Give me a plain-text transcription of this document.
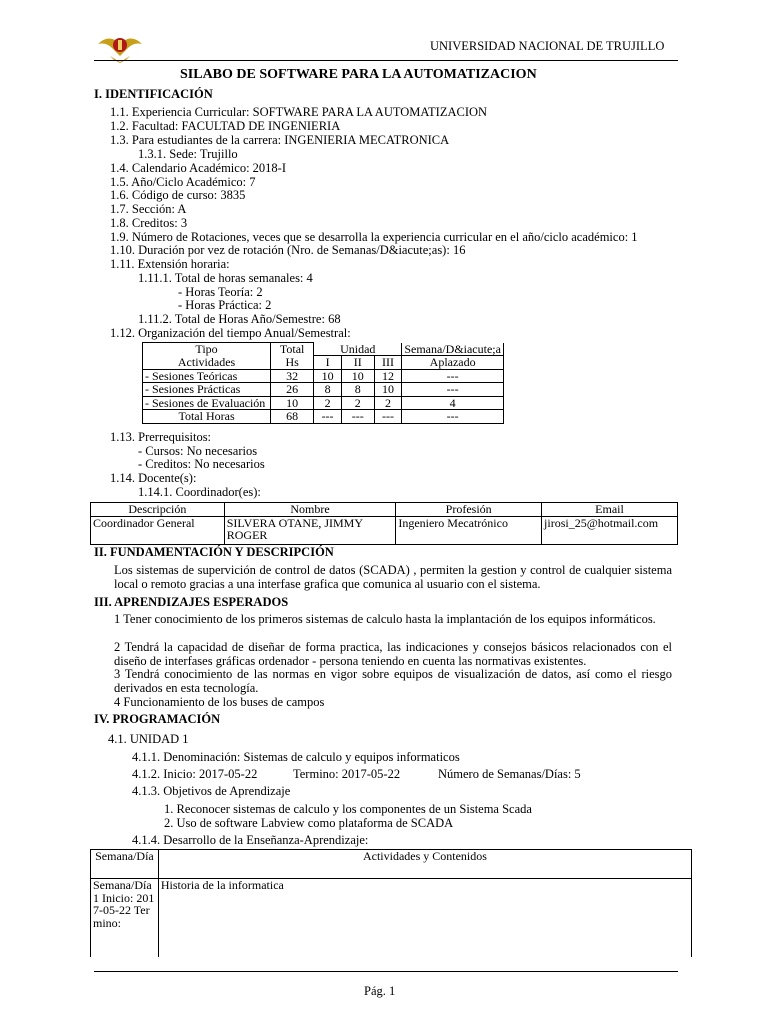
UNIVERSIDAD NACIONAL DE TRUJILLO
SILABO DE SOFTWARE PARA LA AUTOMATIZACION
I. IDENTIFICACIÓN
1.1. Experiencia Curricular: SOFTWARE PARA LA AUTOMATIZACION
1.2. Facultad: FACULTAD DE INGENIERIA
1.3. Para estudiantes de la carrera: INGENIERIA MECATRONICA
1.3.1. Sede: Trujillo
1.4. Calendario Académico: 2018-I
1.5. Año/Ciclo Académico: 7
1.6. Código de curso: 3835
1.7. Sección: A
1.8. Creditos: 3
1.9. Número de Rotaciones, veces que se desarrolla la experiencia curricular en el año/ciclo académico: 1
1.10. Duración por vez de rotación (Nro. de Semanas/D&iacute;as): 16
1.11. Extensión horaria:
1.11.1. Total de horas semanales: 4
- Horas Teoría: 2
- Horas Práctica: 2
1.11.2. Total de Horas Año/Semestre: 68
1.12. Organización del tiempo Anual/Semestral:
Tipo	Total	Unidad			Semana/D&iacute;a
Actividades	Hs	I	II	III	Aplazado
- Sesiones Teóricas	32	10	10	12	---
- Sesiones Prácticas	26	8	8	10	---
- Sesiones de Evaluación	10	2	2	2	4
Total Horas	68	---	---	---	---
1.13. Prerrequisitos:
- Cursos: No necesarios
- Creditos: No necesarios
1.14. Docente(s):
1.14.1. Coordinador(es):
Descripción	Nombre	Profesión	Email
Coordinador General	SILVERA OTANE, JIMMY ROGER	Ingeniero Mecatrónico	jirosi_25@hotmail.com
II. FUNDAMENTACIÓN Y DESCRIPCIÓN
Los sistemas de supervición de control de datos (SCADA) , permiten la gestion y control de cualquier sistema local o remoto gracias a una interfase grafica que comunica al usuario con el sistema.
III. APRENDIZAJES ESPERADOS
1 Tener conocimiento de los primeros sistemas de calculo hasta la implantación de los equipos informáticos.
2 Tendrá la capacidad de diseñar de forma practica, las indicaciones y consejos básicos relacionados con el diseño de interfases gráficas ordenador - persona teniendo en cuenta las normativas existentes.
3 Tendrá conocimiento de las normas en vigor sobre equipos de visualización de datos, así como el riesgo derivados en esta tecnología.
4 Funcionamiento de los buses de campos
IV. PROGRAMACIÓN
4.1. UNIDAD 1
4.1.1. Denominación: Sistemas de calculo y equipos informaticos
4.1.2. Inicio: 2017-05-22	Termino: 2017-05-22	Número de Semanas/Días: 5
4.1.3. Objetivos de Aprendizaje
1. Reconocer sistemas de calculo y los componentes de un Sistema Scada
2. Uso de software Labview como plataforma de SCADA
4.1.4. Desarrollo de la Enseñanza-Aprendizaje:
Semana/Día	Actividades y Contenidos
Semana/Día 1 Inicio: 2017-05-22 Termino:	Historia de la informatica
Pág. 1
